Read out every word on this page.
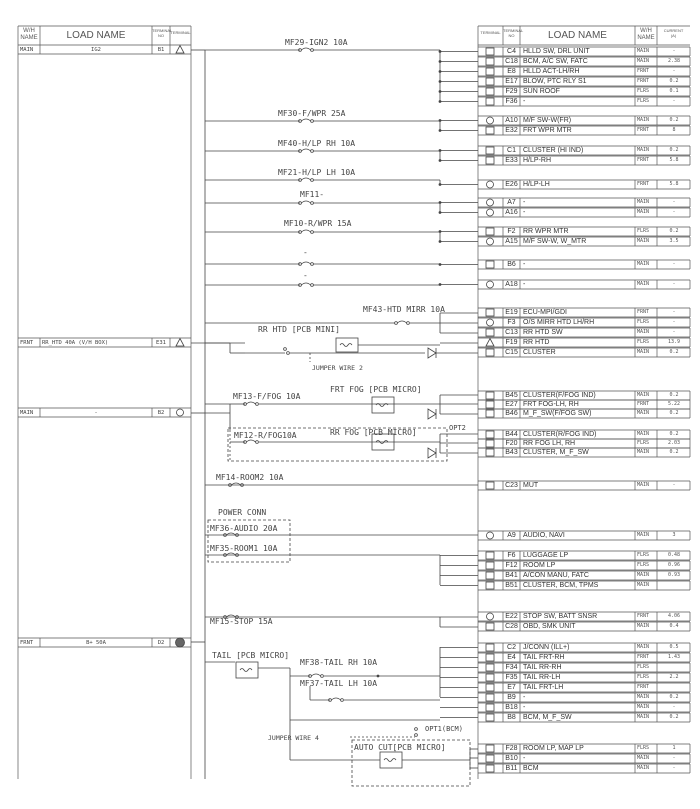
MF29-IGN2 10A
MF30-F/WPR 25A
MF40-H/LP RH 10A
MF21-H/LP LH 10A
MF11-
MF10-R/WPR 15A
-
-
MF43-HTD MIRR 10A
RR HTD [PCB MINI]
JUMPER WIRE 2
MF13-F/FOG 10A
FRT FOG [PCB MICRO]
MF12-R/FOG10A	RR FOG [PCB MICRO]	OPT2
MF14-ROOM2 10A
POWER CONN
MF36-AUDIO 20A
MF35-ROOM1 10A
MF15-STOP 15A
TAIL [PCB MICRO]
MF38-TAIL RH 10A
MF37-TAIL LH 10A
JUMPER WIRE 4
OPT1(BCM)
AUTO CUT[PCB MICRO]
W/H
NAME	LOAD NAME	TERMINAL
NO
TERMINAL
MAIN	IG2	B1
FRNT	RR_HTD 40A (V/H BOX)	E31
MAIN	-	B2
FRNT	B+ 50A	D2
TERMINAL TERMINAL
NO	LOAD NAME	W/H
NAME
CURRENT
(A)
C4	HLLD SW, DRL UNIT	MAIN	-
C18 BCM, A/C SW, FATC	MAIN	2.38
E8	HLLD ACT-LH/RH	FRNT	-
E17 BLOW, PTC RLY S1	FRNT	0.2
F29 SUN ROOF	FLRS	0.1
F36 -	FLRS	-
A10 M/F SW-W(FR)	MAIN	0.2
E32 FRT WPR MTR	FRNT	8
C1	CLUSTER (HI IND)	MAIN	0.2
E33 H/LP-RH	FRNT	5.8
E26 H/LP-LH	FRNT	5.8
A7	-	MAIN	-
A16 -	MAIN	-
F2	RR WPR MTR	FLRS	0.2
A15 M/F SW-W, W_MTR	MAIN	3.5
B6	-	MAIN	-
A18 -	MAIN	-
E19 ECU-MPI/GDI	FRNT	-
F3	O/S MIRR HTD LH/RH	FLRS	-
C13 RR HTD SW	MAIN	-
F19 RR HTD	FLRS	13.9
C15 CLUSTER	MAIN	0.2
B45 CLUSTER(F/FOG IND)	MAIN	0.2
E27 FRT FOG-LH, RH	FRNT	5.22
B46 M_F_SW(F/FOG SW)	MAIN	0.2
B44 CLUSTER(R/FOG IND)	MAIN	0.2
F20 RR FOG LH, RH	FLRS	2.03
B43 CLUSTER, M_F_SW	MAIN	0.2
C23 MUT	MAIN	-
A9	AUDIO, NAVI	MAIN	3
F6	LUGGAGE LP	FLRS	0.48
F12 ROOM LP	FLRS	0.96
B41 A/CON MANU, FATC	MAIN	0.93
B51 CLUSTER, BCM, TPMS	MAIN
E22 STOP SW, BATT SNSR	FRNT	4.06
C28 OBD, SMK UNIT	MAIN	0.4
C2	J/CONN (ILL+)	MAIN	0.5
E4	TAIL FRT-RH	FRNT	1.43
F34 TAIL RR-RH	FLRS
F35 TAIL RR-LH	FLRS	2.2
E7	TAIL FRT-LH	FRNT
B9	-	MAIN	0.2
B18 -	MAIN	-
B8	BCM, M_F_SW	MAIN	0.2
F28 ROOM LP, MAP LP	FLRS	1
B10 -	MAIN	-
B11 BCM	MAIN	-
